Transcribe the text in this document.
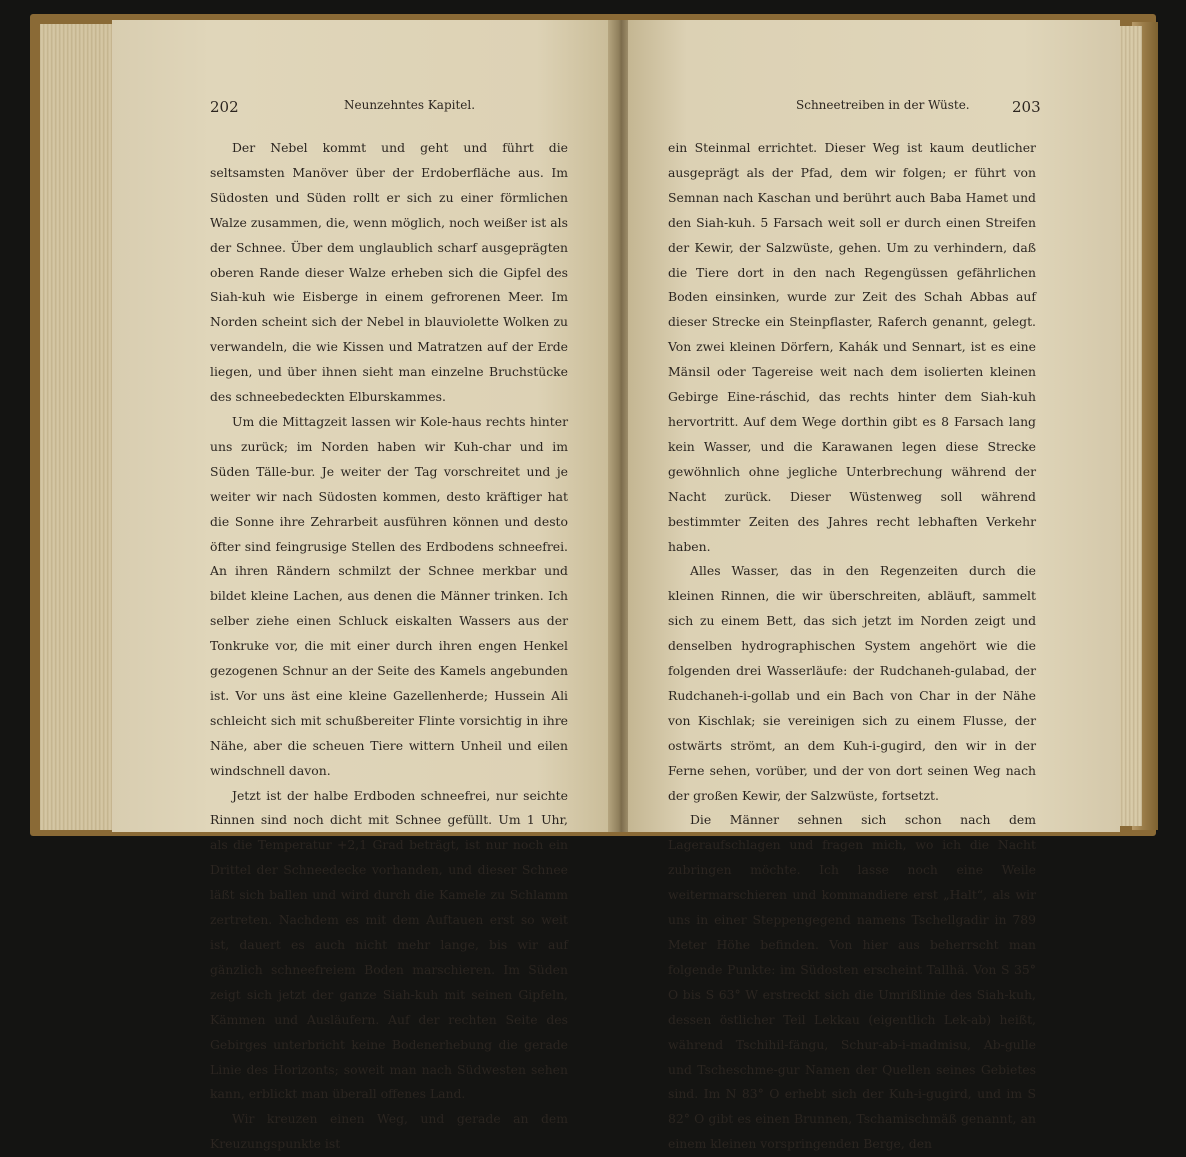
202	Neunzehntes Kapitel.

Der Nebel kommt und geht und führt die seltsamsten Manöver über der Erdoberfläche aus. Im Südosten und Süden rollt er sich zu einer förmlichen Walze zusammen, die, wenn möglich, noch weißer ist als der Schnee. Über dem unglaublich scharf ausgeprägten oberen Rande dieser Walze erheben sich die Gipfel des Siah-kuh wie Eisberge in einem gefrorenen Meer. Im Norden scheint sich der Nebel in blauviolette Wolken zu verwandeln, die wie Kissen und Matratzen auf der Erde liegen, und über ihnen sieht man einzelne Bruchstücke des schneebedeckten Elburskammes.

Um die Mittagzeit lassen wir Kole-haus rechts hinter uns zurück; im Norden haben wir Kuh-char und im Süden Tälle-bur. Je weiter der Tag vorschreitet und je weiter wir nach Südosten kommen, desto kräftiger hat die Sonne ihre Zehrarbeit ausführen können und desto öfter sind feingrusige Stellen des Erdbodens schneefrei. An ihren Rändern schmilzt der Schnee merkbar und bildet kleine Lachen, aus denen die Männer trinken. Ich selber ziehe einen Schluck eiskalten Wassers aus der Tonkruke vor, die mit einer durch ihren engen Henkel gezogenen Schnur an der Seite des Kamels angebunden ist. Vor uns äst eine kleine Gazellenherde; Hussein Ali schleicht sich mit schußbereiter Flinte vorsichtig in ihre Nähe, aber die scheuen Tiere wittern Unheil und eilen windschnell davon.

Jetzt ist der halbe Erdboden schneefrei, nur seichte Rinnen sind noch dicht mit Schnee gefüllt. Um 1 Uhr, als die Temperatur +2,1 Grad beträgt, ist nur noch ein Drittel der Schneedecke vorhanden, und dieser Schnee läßt sich ballen und wird durch die Kamele zu Schlamm zertreten. Nachdem es mit dem Auftauen erst so weit ist, dauert es auch nicht mehr lange, bis wir auf gänzlich schneefreiem Boden marschieren. Im Süden zeigt sich jetzt der ganze Siah-kuh mit seinen Gipfeln, Kämmen und Ausläufern. Auf der rechten Seite des Gebirges unterbricht keine Bodenerhebung die gerade Linie des Horizonts; soweit man nach Südwesten sehen kann, erblickt man überall offenes Land.

Wir kreuzen einen Weg, und gerade an dem Kreuzungspunkte ist

Schneetreiben in der Wüste.	203

ein Steinmal errichtet. Dieser Weg ist kaum deutlicher ausgeprägt als der Pfad, dem wir folgen; er führt von Semnan nach Kaschan und berührt auch Baba Hamet und den Siah-kuh. 5 Farsach weit soll er durch einen Streifen der Kewir, der Salzwüste, gehen. Um zu verhindern, daß die Tiere dort in den nach Regengüssen gefährlichen Boden einsinken, wurde zur Zeit des Schah Abbas auf dieser Strecke ein Steinpflaster, Raferch genannt, gelegt. Von zwei kleinen Dörfern, Kahák und Sennart, ist es eine Mänsil oder Tagereise weit nach dem isolierten kleinen Gebirge Eine-ráschid, das rechts hinter dem Siah-kuh hervortritt. Auf dem Wege dorthin gibt es 8 Farsach lang kein Wasser, und die Karawanen legen diese Strecke gewöhnlich ohne jegliche Unterbrechung während der Nacht zurück. Dieser Wüstenweg soll während bestimmter Zeiten des Jahres recht lebhaften Verkehr haben.

Alles Wasser, das in den Regenzeiten durch die kleinen Rinnen, die wir überschreiten, abläuft, sammelt sich zu einem Bett, das sich jetzt im Norden zeigt und denselben hydrographischen System angehört wie die folgenden drei Wasserläufe: der Rudchaneh-gulabad, der Rudchaneh-i-gollab und ein Bach von Char in der Nähe von Kischlak; sie vereinigen sich zu einem Flusse, der ostwärts strömt, an dem Kuh-i-gugird, den wir in der Ferne sehen, vorüber, und der von dort seinen Weg nach der großen Kewir, der Salzwüste, fortsetzt.

Die Männer sehnen sich schon nach dem Lageraufschlagen und fragen mich, wo ich die Nacht zubringen möchte. Ich lasse noch eine Weile weitermarschieren und kommandiere erst „Halt“, als wir uns in einer Steppengegend namens Tschellgadir in 789 Meter Höhe befinden. Von hier aus beherrscht man folgende Punkte: im Südosten erscheint Tallhä. Von S 35° O bis S 63° W erstreckt sich die Umrißlinie des Siah-kuh, dessen östlicher Teil Lekkau (eigentlich Lek-ab) heißt, während Tschihil-fängu, Schur-ab-i-madmisu, Ab-gulle und Tscheschme-gur Namen der Quellen seines Gebietes sind. Im N 83° O erhebt sich der Kuh-i-gugird, und im S 82° O gibt es einen Brunnen, Tschamischmäß genannt, an einem kleinen vorspringenden Berge, den
